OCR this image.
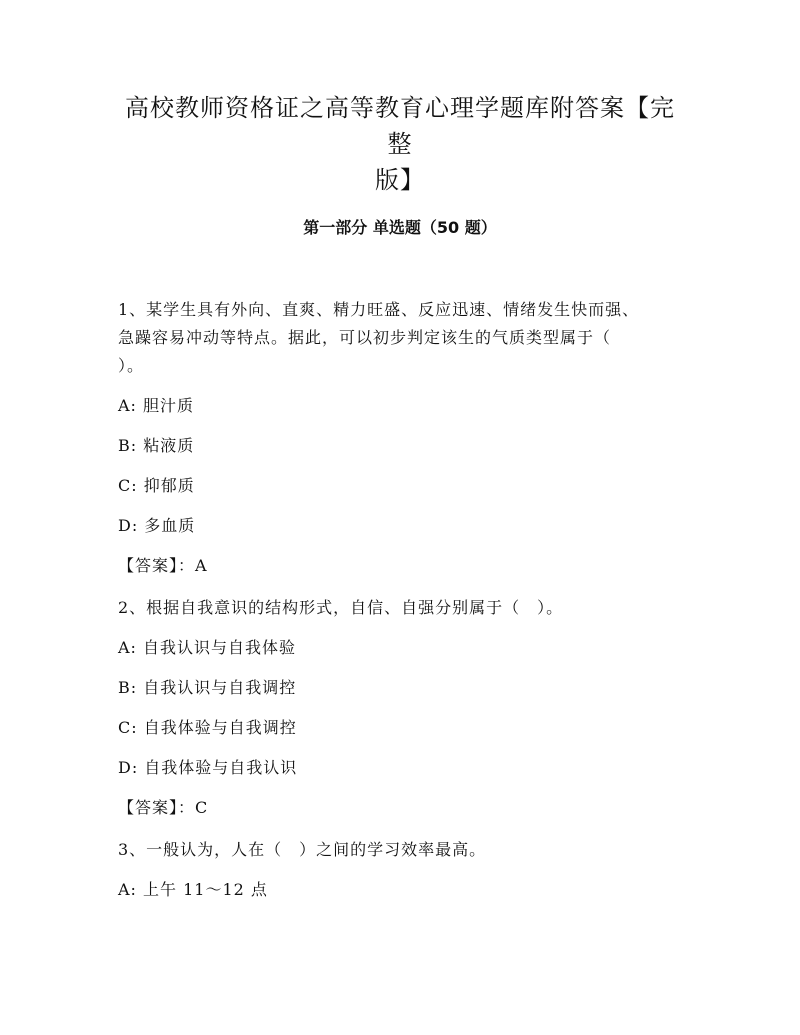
高校教师资格证之高等教育心理学题库附答案【完整
版】
第一部分 单选题（50 题）

1、某学生具有外向、直爽、精力旺盛、反应迅速、情绪发生快而强、

急躁容易冲动等特点。据此，可以初步判定该生的气质类型属于（

）。

A: 胆汁质

B: 粘液质

C: 抑郁质

D: 多血质

【答案】：A

2、根据自我意识的结构形式，自信、自强分别属于（　）。

A: 自我认识与自我体验

B: 自我认识与自我调控

C: 自我体验与自我调控

D: 自我体验与自我认识

【答案】：C

3、一般认为，人在（　）之间的学习效率最高。

A: 上午 11～12 点
